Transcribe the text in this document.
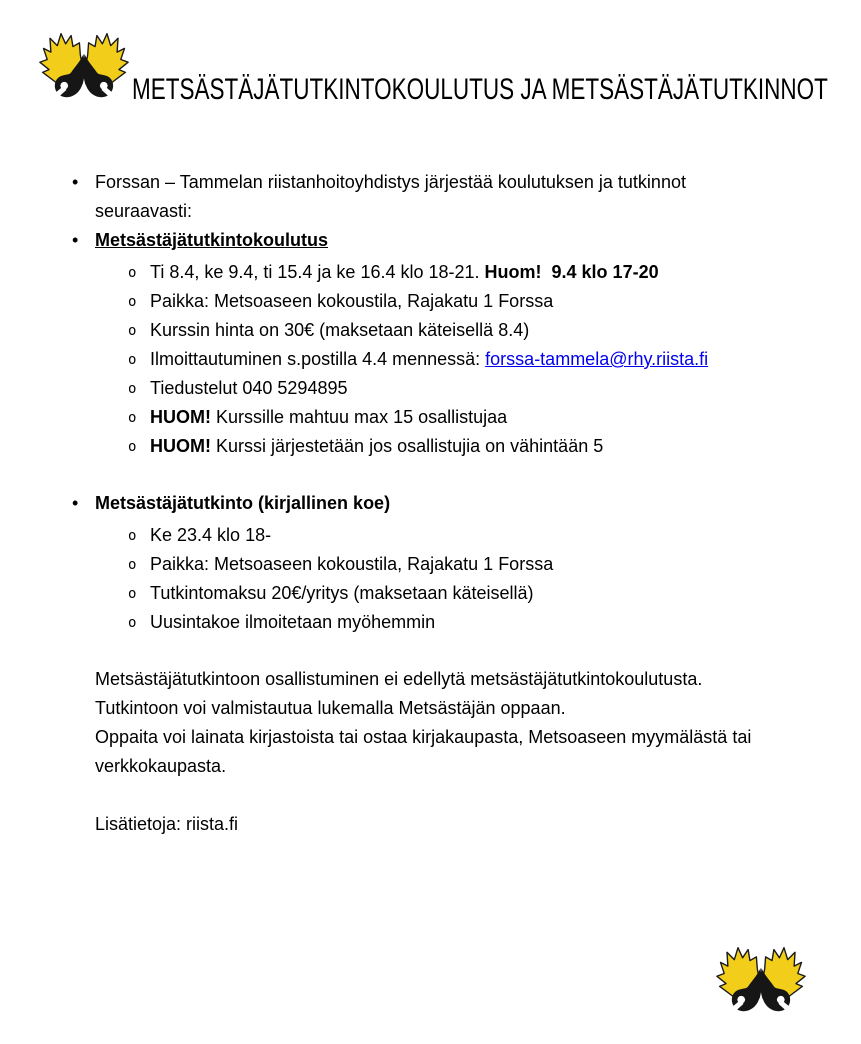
METSÄSTÄJÄTUTKINTOKOULUTUS JA METSÄSTÄJÄTUTKINNOT
• Forssan – Tammelan riistanhoitoyhdistys järjestää koulutuksen ja tutkinnot
seuraavasti:
• Metsästäjätutkintokoulutus
o Ti 8.4, ke 9.4, ti 15.4 ja ke 16.4 klo 18-21. Huom!  9.4 klo 17-20
o Paikka: Metsoaseen kokoustila, Rajakatu 1 Forssa
o Kurssin hinta on 30€ (maksetaan käteisellä 8.4)
o Ilmoittautuminen s.postilla 4.4 mennessä: forssa-tammela@rhy.riista.fi
o Tiedustelut 040 5294895
o HUOM! Kurssille mahtuu max 15 osallistujaa
o HUOM! Kurssi järjestetään jos osallistujia on vähintään 5
• Metsästäjätutkinto (kirjallinen koe)
o Ke 23.4 klo 18-
o Paikka: Metsoaseen kokoustila, Rajakatu 1 Forssa
o Tutkintomaksu 20€/yritys (maksetaan käteisellä)
o Uusintakoe ilmoitetaan myöhemmin
Metsästäjätutkintoon osallistuminen ei edellytä metsästäjätutkintokoulutusta.
Tutkintoon voi valmistautua lukemalla Metsästäjän oppaan.
Oppaita voi lainata kirjastoista tai ostaa kirjakaupasta, Metsoaseen myymälästä tai
verkkokaupasta.
Lisätietoja: riista.fi
